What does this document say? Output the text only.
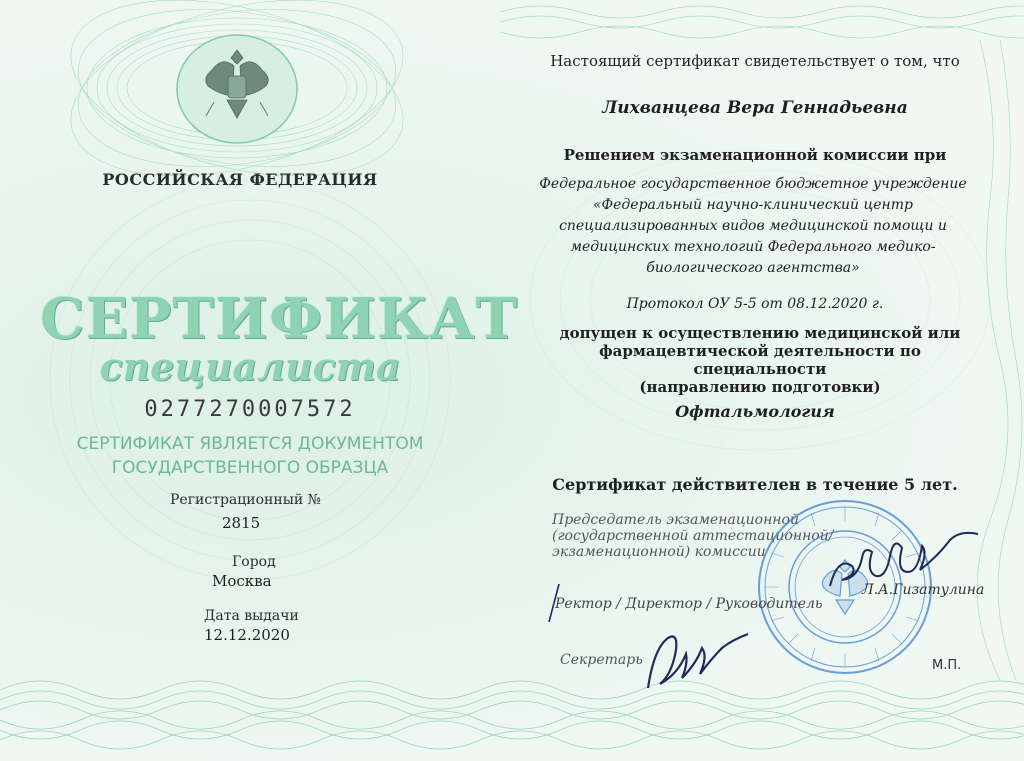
РОССИЙСКАЯ ФЕДЕРАЦИЯ

СЕРТИФИКАТ

специалиста

0277270007572

СЕРТИФИКАТ ЯВЛЯЕТСЯ ДОКУМЕНТОМ
ГОСУДАРСТВЕННОГО ОБРАЗЦА

Регистрационный №

2815

Город

Москва

Дата выдачи

12.12.2020

Настоящий сертификат свидетельствует о том, что

Лихванцева Вера Геннадьевна

Решением экзаменационной комиссии при

Федеральное государственное бюджетное учреждение
«Федеральный научно-клинический центр
специализированных видов медицинской помощи и
медицинских технологий Федерального медико-
биологического агентства»

Протокол ОУ 5-5 от 08.12.2020 г.

допущен к осуществлению медицинской или
фармацевтической деятельности по специальности
(направлению подготовки)

Офтальмология

Сертификат действителен в течение 5 лет.

Председатель экзаменационной
(государственной аттестационной/
экзаменационной) комиссии

Л.А.Гизатулина

Ректор / Директор / Руководитель

Секретарь	М.П.
